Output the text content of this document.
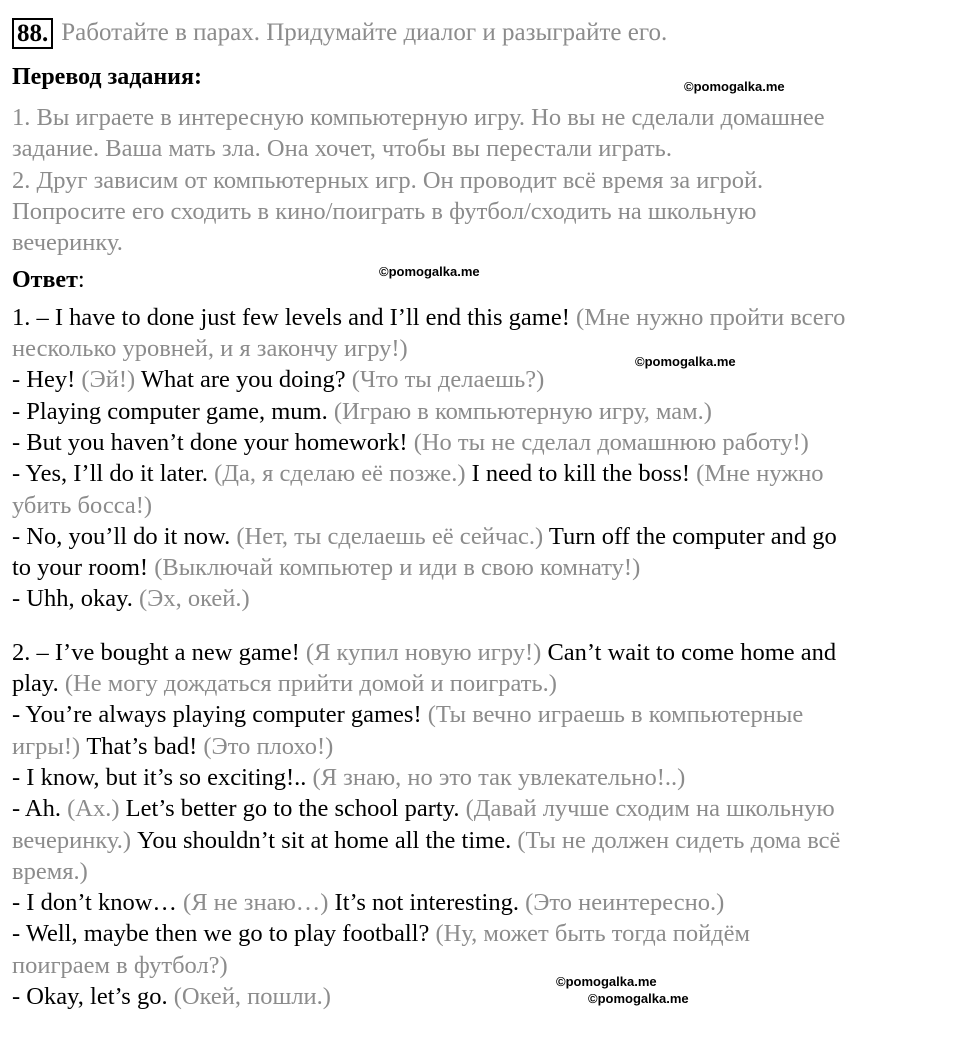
88. Работайте в парах. Придумайте диалог и разыграйте его.
Перевод задания:
1. Вы играете в интересную компьютерную игру. Но вы не сделали домашнее
задание. Ваша мать зла. Она хочет, чтобы вы перестали играть.
2. Друг зависим от компьютерных игр. Он проводит всё время за игрой.
Попросите его сходить в кино/поиграть в футбол/сходить на школьную
вечеринку.
Ответ:
1. – I have to done just few levels and I’ll end this game! (Мне нужно пройти всего
несколько уровней, и я закончу игру!)
- Hey! (Эй!) What are you doing? (Что ты делаешь?)
- Playing computer game, mum. (Играю в компьютерную игру, мам.)
- But you haven’t done your homework! (Но ты не сделал домашнюю работу!)
- Yes, I’ll do it later. (Да, я сделаю её позже.) I need to kill the boss! (Мне нужно
убить босса!)
- No, you’ll do it now. (Нет, ты сделаешь её сейчас.) Turn off the computer and go
to your room! (Выключай компьютер и иди в свою комнату!)
- Uhh, okay. (Эх, окей.)
2. – I’ve bought a new game! (Я купил новую игру!) Can’t wait to come home and
play. (Не могу дождаться прийти домой и поиграть.)
- You’re always playing computer games! (Ты вечно играешь в компьютерные
игры!) That’s bad! (Это плохо!)
- I know, but it’s so exciting!.. (Я знаю, но это так увлекательно!..)
- Ah. (Ах.) Let’s better go to the school party. (Давай лучше сходим на школьную
вечеринку.) You shouldn’t sit at home all the time. (Ты не должен сидеть дома всё
время.)
- I don’t know… (Я не знаю…) It’s not interesting. (Это неинтересно.)
- Well, maybe then we go to play football? (Ну, может быть тогда пойдём
поиграем в футбол?)
- Okay, let’s go. (Окей, пошли.)
©pomogalka.me
©pomogalka.me
©pomogalka.me
©pomogalka.me
©pomogalka.me
